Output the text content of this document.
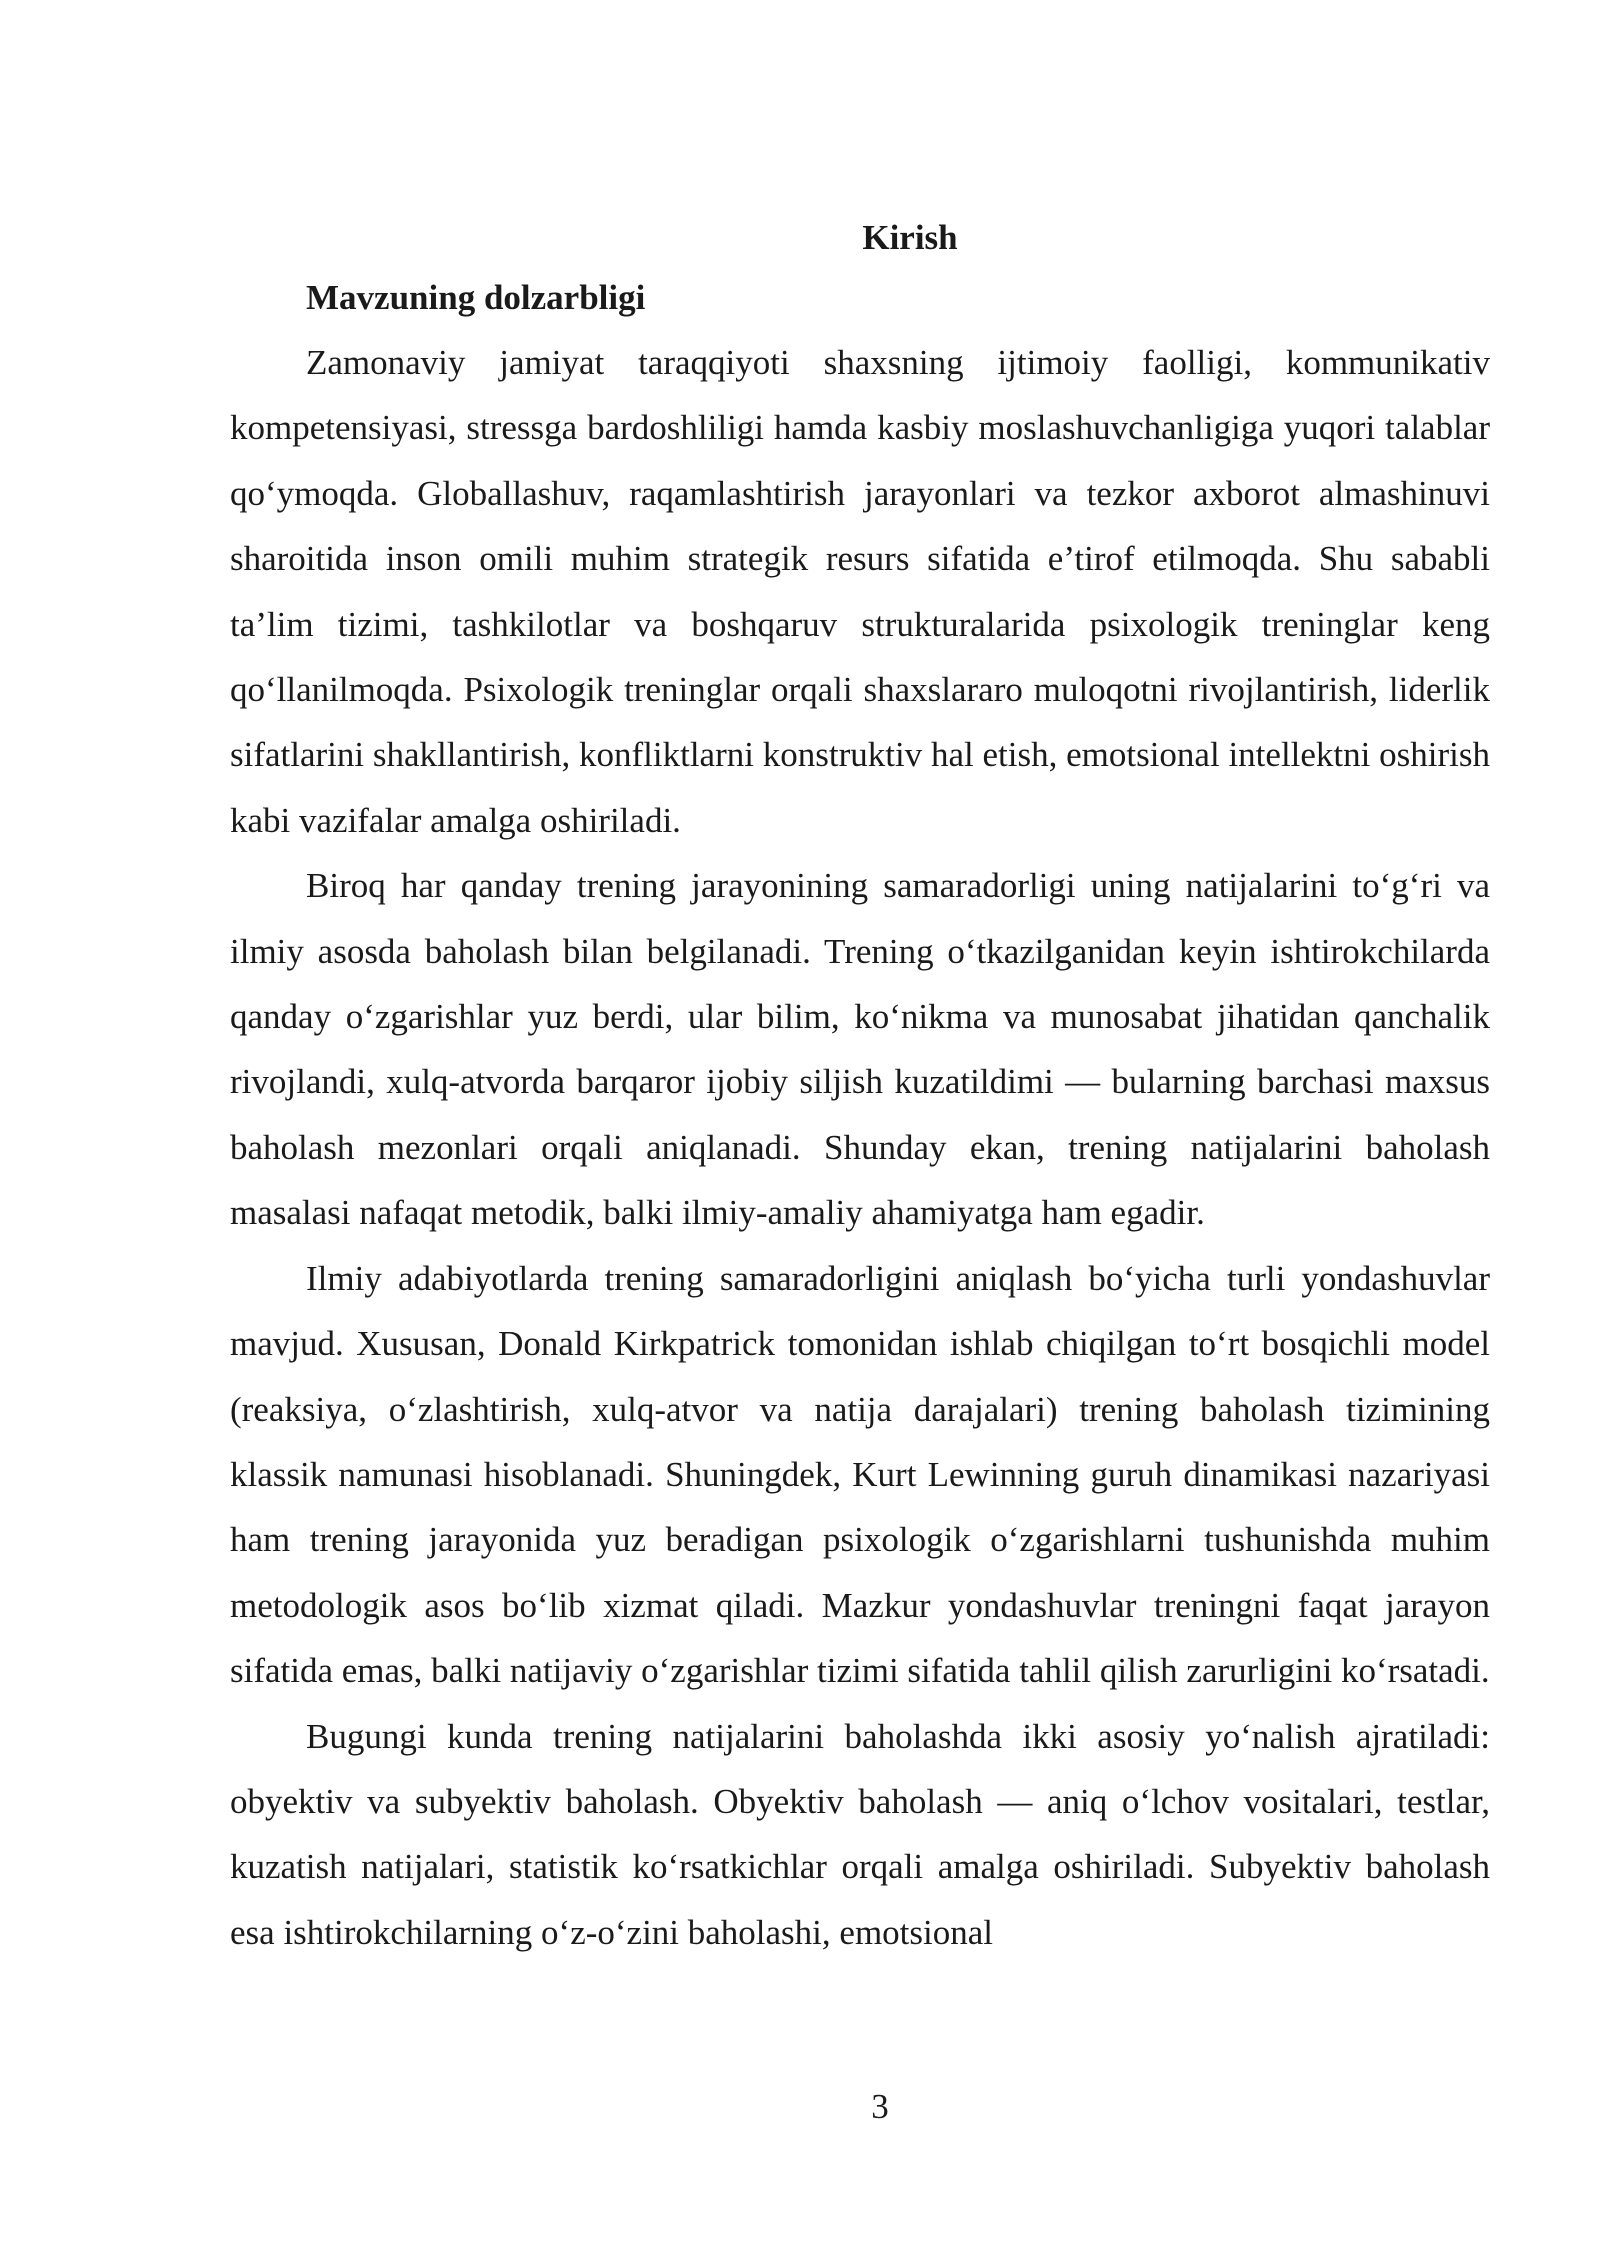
Kirish
Mavzuning dolzarbligi

Zamonaviy jamiyat taraqqiyoti shaxsning ijtimoiy faolligi, kommunikativ kompetensiyasi, stressga bardoshliligi hamda kasbiy moslashuvchanligiga yuqori talablar qo‘ymoqda. Globallashuv, raqamlashtirish jarayonlari va tezkor axborot almashinuvi sharoitida inson omili muhim strategik resurs sifatida e’tirof etilmoqda. Shu sababli ta’lim tizimi, tashkilotlar va boshqaruv strukturalarida psixologik treninglar keng qo‘llanilmoqda. Psixologik treninglar orqali shaxslararo muloqotni rivojlantirish, liderlik sifatlarini shakllantirish, konfliktlarni konstruktiv hal etish, emotsional intellektni oshirish kabi vazifalar amalga oshiriladi.

Biroq har qanday trening jarayonining samaradorligi uning natijalarini to‘g‘ri va ilmiy asosda baholash bilan belgilanadi. Trening o‘tkazilganidan keyin ishtirokchilarda qanday o‘zgarishlar yuz berdi, ular bilim, ko‘nikma va munosabat jihatidan qanchalik rivojlandi, xulq-atvorda barqaror ijobiy siljish kuzatildimi — bularning barchasi maxsus baholash mezonlari orqali aniqlanadi. Shunday ekan, trening natijalarini baholash masalasi nafaqat metodik, balki ilmiy-amaliy ahamiyatga ham egadir.

Ilmiy adabiyotlarda trening samaradorligini aniqlash bo‘yicha turli yondashuvlar mavjud. Xususan, Donald Kirkpatrick tomonidan ishlab chiqilgan to‘rt bosqichli model (reaksiya, o‘zlashtirish, xulq-atvor va natija darajalari) trening baholash tizimining klassik namunasi hisoblanadi. Shuningdek, Kurt Lewinning guruh dinamikasi nazariyasi ham trening jarayonida yuz beradigan psixologik o‘zgarishlarni tushunishda muhim metodologik asos bo‘lib xizmat qiladi. Mazkur yondashuvlar treningni faqat jarayon sifatida emas, balki natijaviy o‘zgarishlar tizimi sifatida tahlil qilish zarurligini ko‘rsatadi.

Bugungi kunda trening natijalarini baholashda ikki asosiy yo‘nalish ajratiladi: obyektiv va subyektiv baholash. Obyektiv baholash — aniq o‘lchov vositalari, testlar, kuzatish natijalari, statistik ko‘rsatkichlar orqali amalga oshiriladi. Subyektiv baholash esa ishtirokchilarning o‘z-o‘zini baholashi, emotsional

3
